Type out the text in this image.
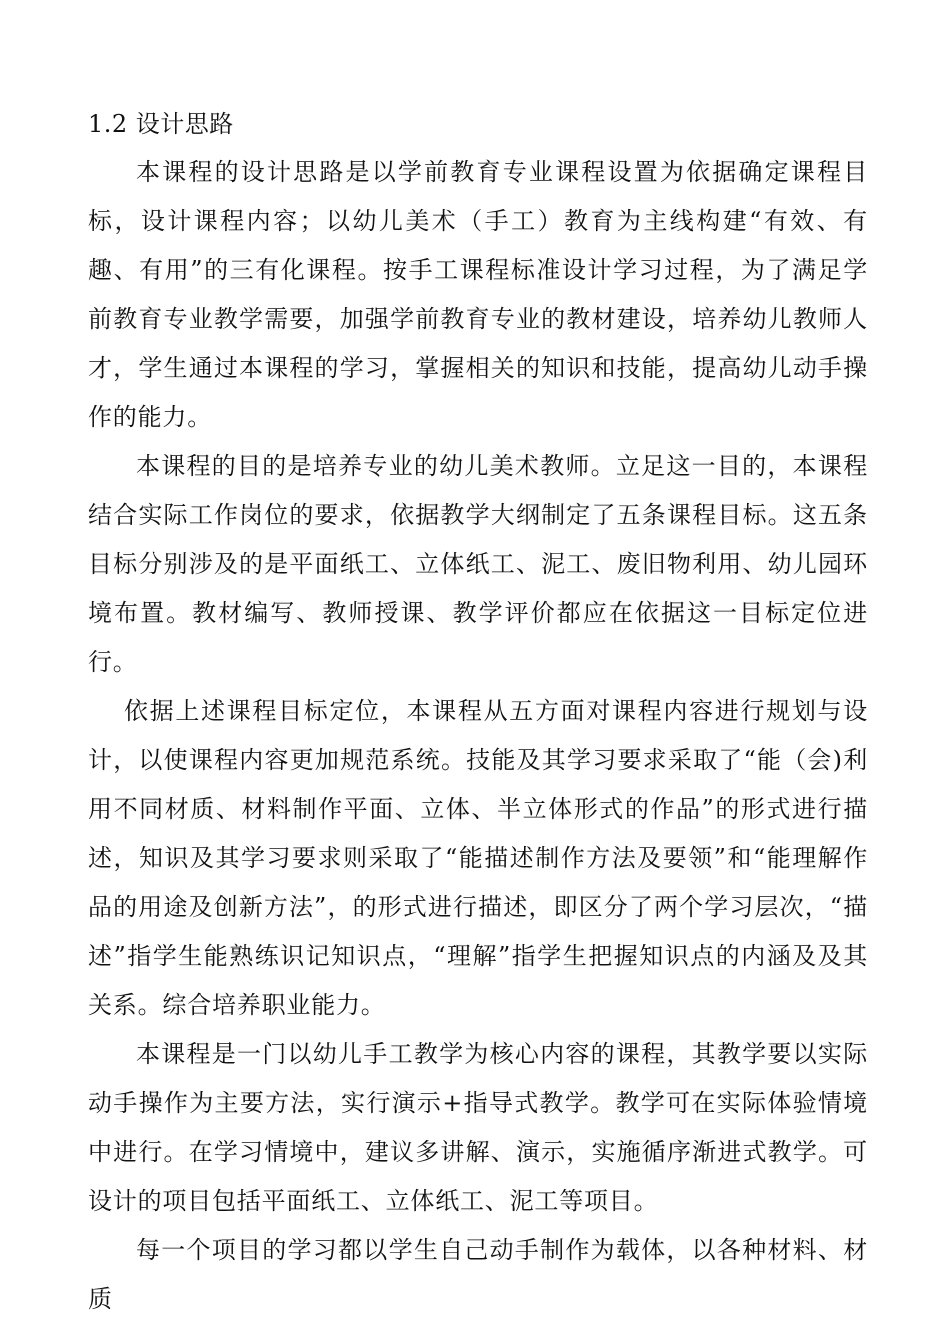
1.2 设计思路

本课程的设计思路是以学前教育专业课程设置为依据确定课程目标，设计课程内容；以幼儿美术（手工）教育为主线构建“有效、有趣、有用”的三有化课程。按手工课程标准设计学习过程，为了满足学前教育专业教学需要，加强学前教育专业的教材建设，培养幼儿教师人才，学生通过本课程的学习，掌握相关的知识和技能，提高幼儿动手操作的能力。

本课程的目的是培养专业的幼儿美术教师。立足这一目的，本课程结合实际工作岗位的要求，依据教学大纲制定了五条课程目标。这五条目标分别涉及的是平面纸工、立体纸工、泥工、废旧物利用、幼儿园环境布置。教材编写、教师授课、教学评价都应在依据这一目标定位进行。

依据上述课程目标定位，本课程从五方面对课程内容进行规划与设计，以使课程内容更加规范系统。技能及其学习要求采取了“能（会)利用不同材质、材料制作平面、立体、半立体形式的作品”的形式进行描述，知识及其学习要求则采取了“能描述制作方法及要领”和“能理解作品的用途及创新方法”，的形式进行描述，即区分了两个学习层次，“描述”指学生能熟练识记知识点，“理解”指学生把握知识点的内涵及及其关系。综合培养职业能力。

本课程是一门以幼儿手工教学为核心内容的课程，其教学要以实际动手操作为主要方法，实行演示+指导式教学。教学可在实际体验情境中进行。在学习情境中，建议多讲解、演示，实施循序渐进式教学。可设计的项目包括平面纸工、立体纸工、泥工等项目。

每一个项目的学习都以学生自己动手制作为载体，以各种材料、材质
